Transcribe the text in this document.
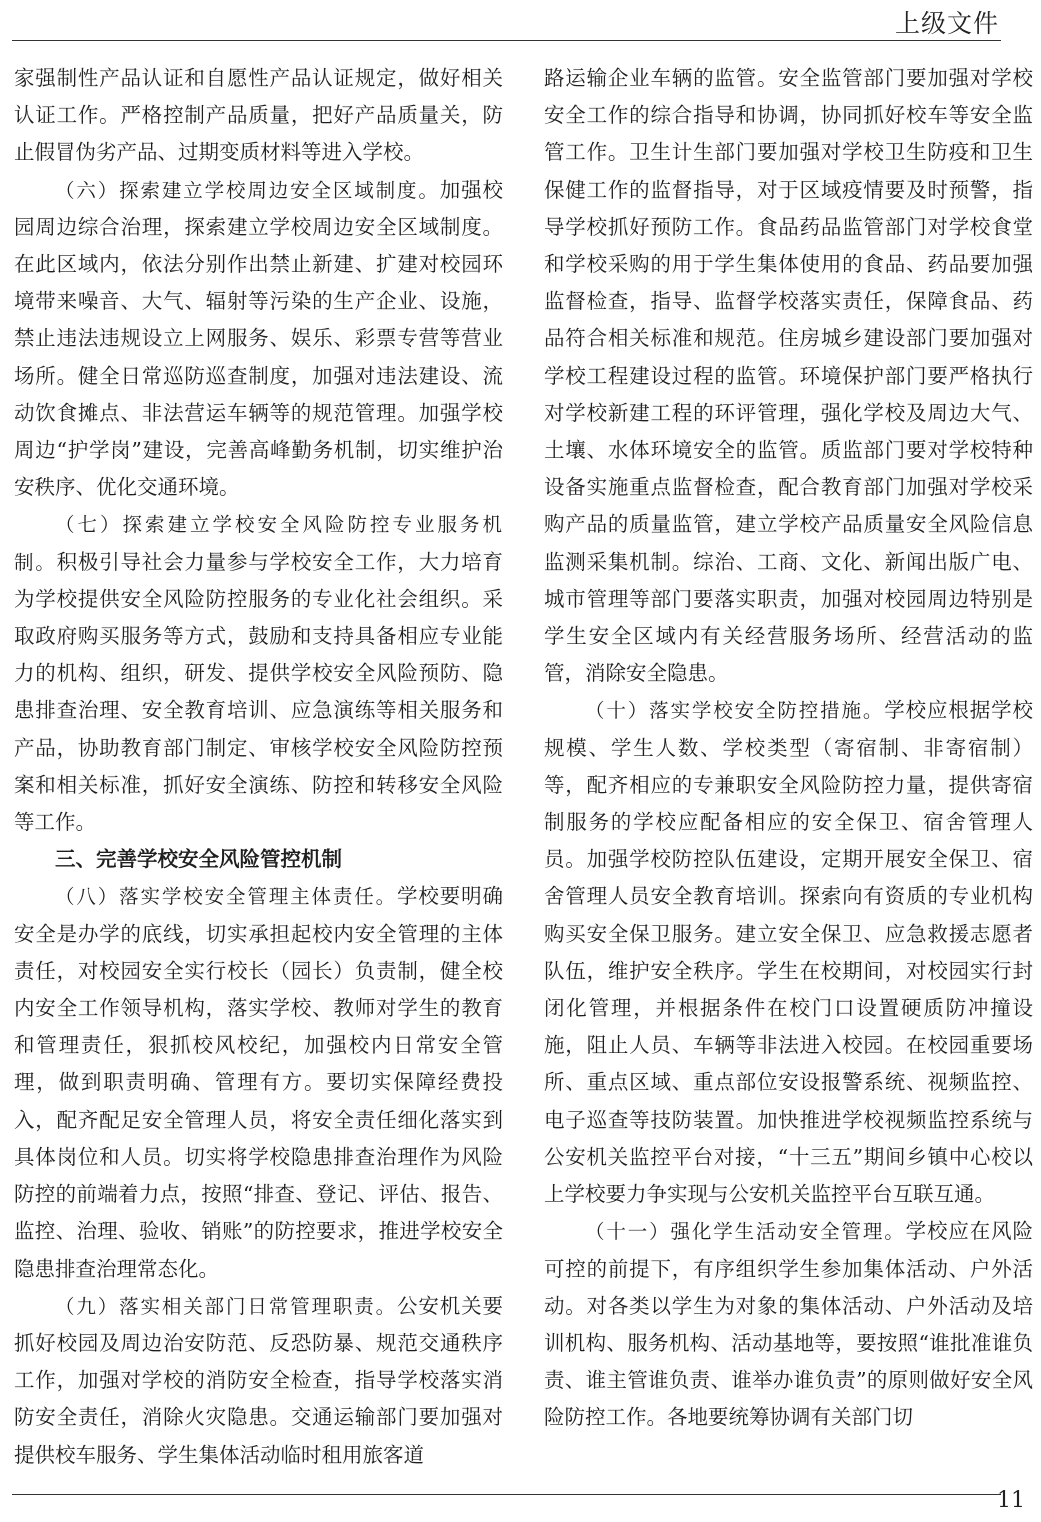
上级文件

家强制性产品认证和自愿性产品认证规定，做好相关认证工作。严格控制产品质量，把好产品质量关，防止假冒伪劣产品、过期变质材料等进入学校。

（六）探索建立学校周边安全区域制度。加强校园周边综合治理，探索建立学校周边安全区域制度。在此区域内，依法分别作出禁止新建、扩建对校园环境带来噪音、大气、辐射等污染的生产企业、设施，禁止违法违规设立上网服务、娱乐、彩票专营等营业场所。健全日常巡防巡查制度，加强对违法建设、流动饮食摊点、非法营运车辆等的规范管理。加强学校周边“护学岗”建设，完善高峰勤务机制，切实维护治安秩序、优化交通环境。

（七）探索建立学校安全风险防控专业服务机制。积极引导社会力量参与学校安全工作，大力培育为学校提供安全风险防控服务的专业化社会组织。采取政府购买服务等方式，鼓励和支持具备相应专业能力的机构、组织，研发、提供学校安全风险预防、隐患排查治理、安全教育培训、应急演练等相关服务和产品，协助教育部门制定、审核学校安全风险防控预案和相关标准，抓好安全演练、防控和转移安全风险等工作。

三、完善学校安全风险管控机制

（八）落实学校安全管理主体责任。学校要明确安全是办学的底线，切实承担起校内安全管理的主体责任，对校园安全实行校长（园长）负责制，健全校内安全工作领导机构，落实学校、教师对学生的教育和管理责任，狠抓校风校纪，加强校内日常安全管理，做到职责明确、管理有方。要切实保障经费投入，配齐配足安全管理人员，将安全责任细化落实到具体岗位和人员。切实将学校隐患排查治理作为风险防控的前端着力点，按照“排查、登记、评估、报告、监控、治理、验收、销账”的防控要求，推进学校安全隐患排查治理常态化。

（九）落实相关部门日常管理职责。公安机关要抓好校园及周边治安防范、反恐防暴、规范交通秩序工作，加强对学校的消防安全检查，指导学校落实消防安全责任，消除火灾隐患。交通运输部门要加强对提供校车服务、学生集体活动临时租用旅客道

路运输企业车辆的监管。安全监管部门要加强对学校安全工作的综合指导和协调，协同抓好校车等安全监管工作。卫生计生部门要加强对学校卫生防疫和卫生保健工作的监督指导，对于区域疫情要及时预警，指导学校抓好预防工作。食品药品监管部门对学校食堂和学校采购的用于学生集体使用的食品、药品要加强监督检查，指导、监督学校落实责任，保障食品、药品符合相关标准和规范。住房城乡建设部门要加强对学校工程建设过程的监管。环境保护部门要严格执行对学校新建工程的环评管理，强化学校及周边大气、土壤、水体环境安全的监管。质监部门要对学校特种设备实施重点监督检查，配合教育部门加强对学校采购产品的质量监管，建立学校产品质量安全风险信息监测采集机制。综治、工商、文化、新闻出版广电、城市管理等部门要落实职责，加强对校园周边特别是学生安全区域内有关经营服务场所、经营活动的监管，消除安全隐患。

（十）落实学校安全防控措施。学校应根据学校规模、学生人数、学校类型（寄宿制、非寄宿制）等，配齐相应的专兼职安全风险防控力量，提供寄宿制服务的学校应配备相应的安全保卫、宿舍管理人员。加强学校防控队伍建设，定期开展安全保卫、宿舍管理人员安全教育培训。探索向有资质的专业机构购买安全保卫服务。建立安全保卫、应急救援志愿者队伍，维护安全秩序。学生在校期间，对校园实行封闭化管理，并根据条件在校门口设置硬质防冲撞设施，阻止人员、车辆等非法进入校园。在校园重要场所、重点区域、重点部位安设报警系统、视频监控、电子巡查等技防装置。加快推进学校视频监控系统与公安机关监控平台对接，“十三五”期间乡镇中心校以上学校要力争实现与公安机关监控平台互联互通。

（十一）强化学生活动安全管理。学校应在风险可控的前提下，有序组织学生参加集体活动、户外活动。对各类以学生为对象的集体活动、户外活动及培训机构、服务机构、活动基地等，要按照“谁批准谁负责、谁主管谁负责、谁举办谁负责”的原则做好安全风险防控工作。各地要统筹协调有关部门切

11
